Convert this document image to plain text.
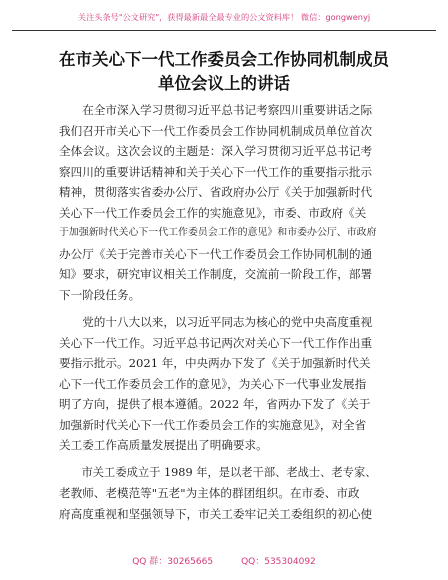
关注头条号"公文研究"，获得最新最全最专业的公文资料库！ 微信：gongwenyj
在市关心下一代工作委员会工作协同机制成员
单位会议上的讲话
　　在全市深入学习贯彻习近平总书记考察四川重要讲话之际
我们召开市关心下一代工作委员会工作协同机制成员单位首次
全体会议。这次会议的主题是：深入学习贯彻习近平总书记考
察四川的重要讲话精神和关于关心下一代工作的重要指示批示
精神，贯彻落实省委办公厅、省政府办公厅《关于加强新时代
关心下一代工作委员会工作的实施意见》，市委、市政府《关
于加强新时代关心下一代工作委员会工作的意见》和市委办公厅、市政府
办公厅《关于完善市关心下一代工作委员会工作协同机制的通
知》要求，研究审议相关工作制度，交流前一阶段工作，部署
下一阶段任务。
　　党的十八大以来，以习近平同志为核心的党中央高度重视
关心下一代工作。习近平总书记两次对关心下一代工作作出重
要指示批示。2021 年，中央两办下发了《关于加强新时代关
心下一代工作委员会工作的意见》，为关心下一代事业发展指
明了方向，提供了根本遵循。2022 年，省两办下发了《关于
加强新时代关心下一代工作委员会工作的实施意见》，对全省
关工委工作高质量发展提出了明确要求。
　　市关工委成立于 1989 年，是以老干部、老战士、老专家、
老教师、老模范等"五老"为主体的群团组织。在市委、市政
府高度重视和坚强领导下，市关工委牢记关工委组织的初心使
QQ 群：30265665	QQ：535304092
